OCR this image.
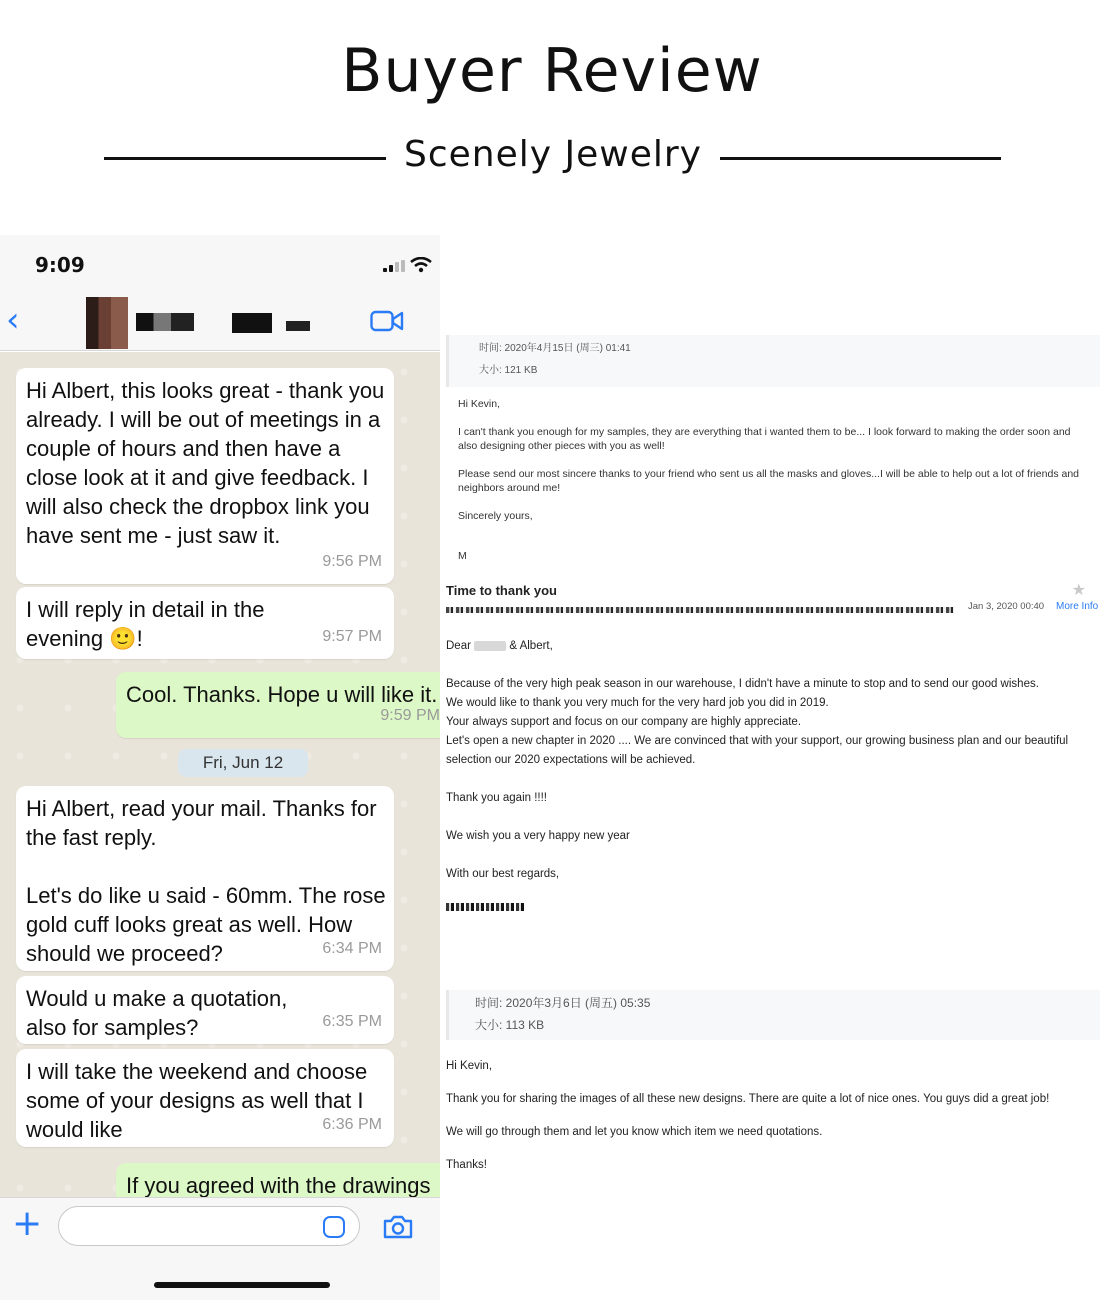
Buyer Review
Scenely Jewelry
9:09
‹
Hi Albert, this looks great - thank you already. I will be out of meetings in a couple of hours and then have a close look at it and give feedback. I will also check the dropbox link you have sent me - just saw it.
9:56 PM
I will reply in detail in the evening 🙂!	9:57 PM
Cool. Thanks. Hope u will like it.
9:59 PM
Fri, Jun 12
Hi Albert, read your mail. Thanks for the fast reply.

Let's do like u said - 60mm. The rose gold cuff looks great as well. How should we proceed?	6:34 PM
Would u make a quotation, also for samples?	6:35 PM
I will take the weekend and choose some of your designs as well that I would like	6:36 PM
If you agreed with the drawings
+
时间: 2020年4月15日 (周三) 01:41
大小: 121 KB

Hi Kevin,

I can't thank you enough for my samples, they are everything that i wanted them to be... I look forward to making the order soon and also designing other pieces with you as well!

Please send our most sincere thanks to your friend who sent us all the masks and gloves...I will be able to help out a lot of friends and neighbors around me!

Sincerely yours,

M

Time to thank you	★
Jan 3, 2020 00:40 More Info

Dear	& Albert,

Because of the very high peak season in our warehouse, I didn't have a minute to stop and to send our good wishes.
We would like to thank you very much for the very hard job you did in 2019.
Your always support and focus on our company are highly appreciate.
Let's open a new chapter in 2020 .... We are convinced that with your support, our growing business plan and our beautiful selection our 2020 expectations will be achieved.

Thank you again !!!!

We wish you a very happy new year

With our best regards,

时间: 2020年3月6日 (周五) 05:35
大小: 113 KB

Hi Kevin,

Thank you for sharing the images of all these new designs. There are quite a lot of nice ones. You guys did a great job!

We will go through them and let you know which item we need quotations.

Thanks!
